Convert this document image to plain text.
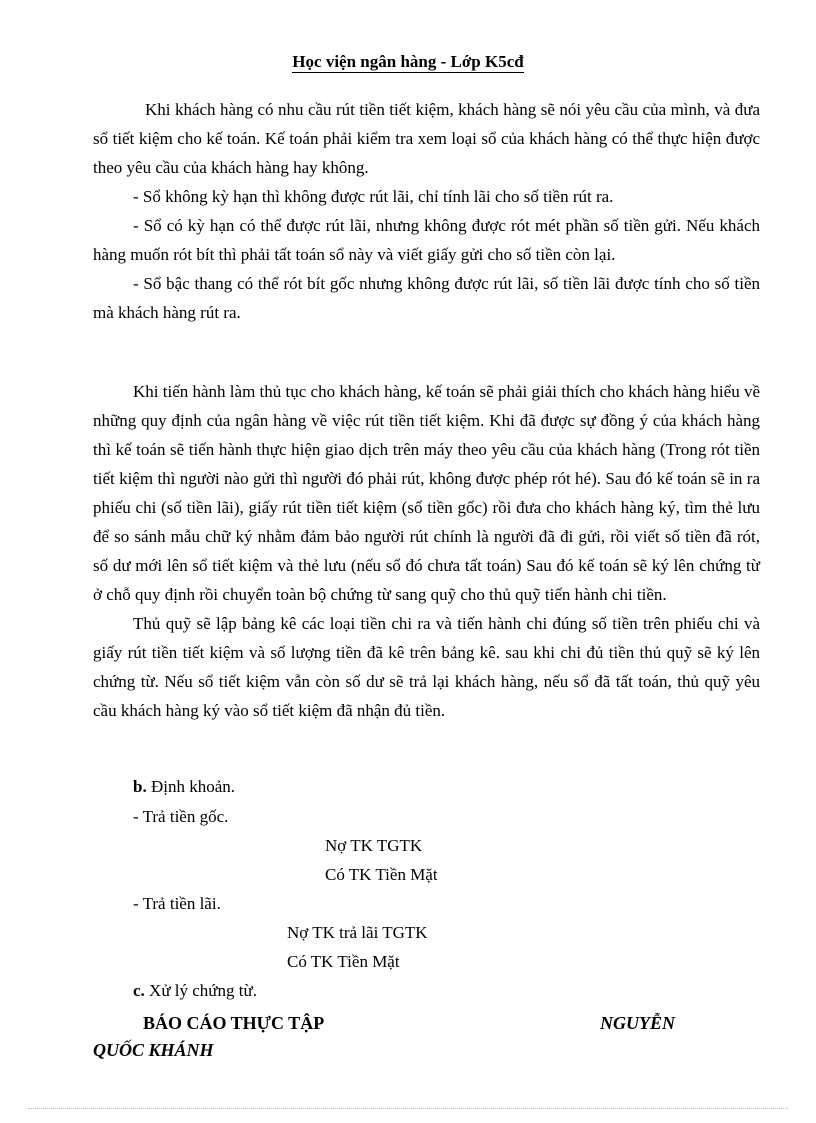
Học viện ngân hàng - Lớp K5cđ

Khi khách hàng có nhu cầu rút tiền tiết kiệm, khách hàng sẽ nói yêu cầu của mình, và đưa sổ tiết kiệm cho kế toán. Kế toán phải kiểm tra xem loại sổ của khách hàng có thể thực hiện được theo yêu cầu của khách hàng hay không.

- Sổ không kỳ hạn thì không được rút lãi, chỉ tính lãi cho số tiền rút ra.

- Sổ có kỳ hạn có thể được rút lãi, nhưng không được rót mét phần số tiền gửi. Nếu khách hàng muốn rót bít thì phải tất toán sổ này và viết giấy gửi cho số tiền còn lại.

- Sổ bậc thang có thể rót bít gốc nhưng không được rút lãi, số tiền lãi được tính cho số tiền mà khách hàng rút ra.

Khi tiến hành làm thủ tục cho khách hàng, kế toán sẽ phải giải thích cho khách hàng hiểu về những quy định của ngân hàng về việc rút tiền tiết kiệm. Khi đã được sự đồng ý của khách hàng thì kế toán sẽ tiến hành thực hiện giao dịch trên máy theo yêu cầu của khách hàng (Trong rót tiền tiết kiệm thì người nào gửi thì người đó phải rút, không được phép rót hé). Sau đó kế toán sẽ in ra phiếu chi (số tiền lãi), giấy rút tiền tiết kiệm (số tiền gốc) rồi đưa cho khách hàng ký, tìm thẻ lưu để so sánh mẫu chữ ký nhằm đảm bảo người rút chính là người đã đi gửi, rồi viết số tiền đã rót, số dư mới lên sổ tiết kiệm và thẻ lưu (nếu sổ đó chưa tất toán) Sau đó kế toán sẽ ký lên chứng từ ở chỗ quy định rồi chuyển toàn bộ chứng từ sang quỹ cho thủ quỹ tiến hành chi tiền.

Thủ quỹ sẽ lập bảng kê các loại tiền chi ra và tiến hành chi đúng số tiền trên phiếu chi và giấy rút tiền tiết kiệm và số lượng tiền đã kê trên bảng kê. sau khi chi đủ tiền thủ quỹ sẽ ký lên chứng từ. Nếu sổ tiết kiệm vẫn còn số dư sẽ trả lại khách hàng, nếu sổ đã tất toán, thủ quỹ yêu cầu khách hàng ký vào sổ tiết kiệm đã nhận đủ tiền.

b. Định khoản.
- Trả tiền gốc.
Nợ TK TGTK
Có TK Tiền Mặt
- Trả tiền lãi.
Nợ TK trả lãi TGTK
Có TK Tiền Mặt
c. Xử lý chứng từ.
BÁO CÁO THỰC TẬP	NGUYỄN
QUỐC KHÁNH
